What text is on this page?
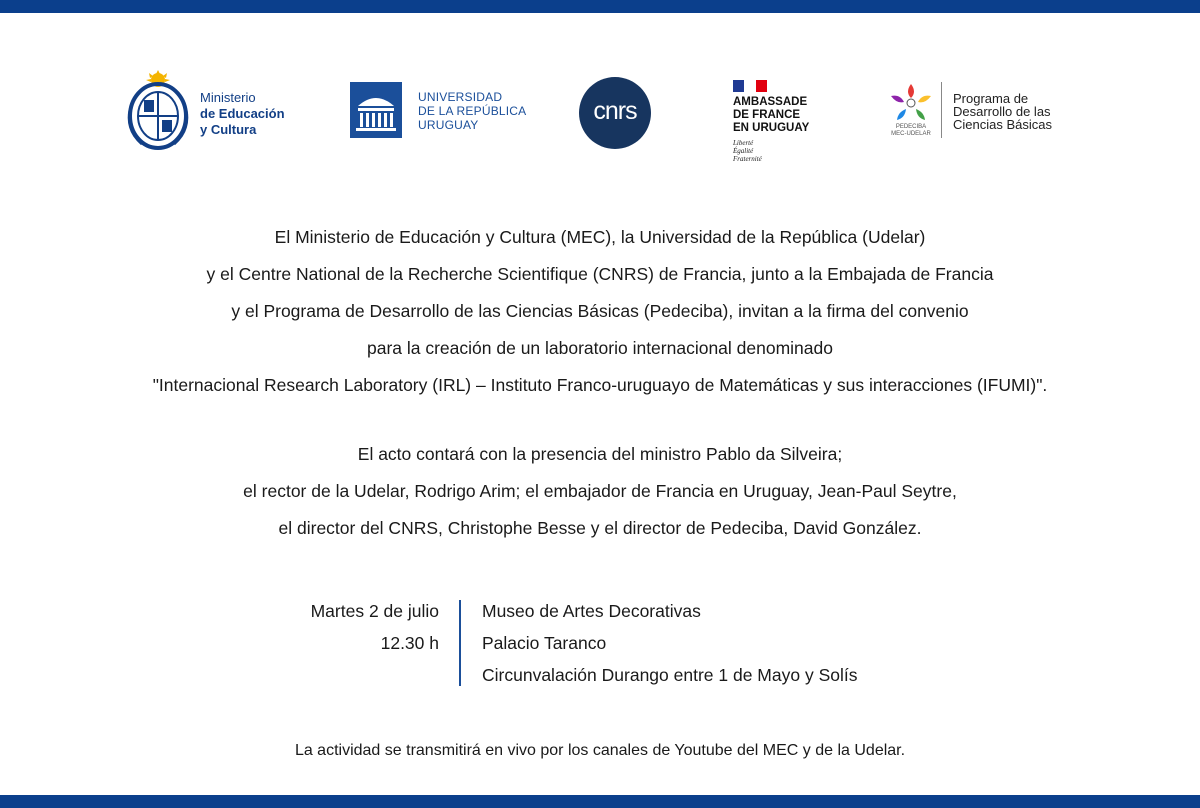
Ministerio
de Educación
y Cultura
UNIVERSIDAD
DE LA REPÚBLICA
URUGUAY	cnrs	AMBASSADE
DE FRANCE
EN URUGUAY
Liberté
Égalité
Fraternité
PEDECIBA
MEC-UDELAR
Programa de
Desarrollo de las
Ciencias Básicas

El Ministerio de Educación y Cultura (MEC), la Universidad de la República (Udelar)

y el Centre National de la Recherche Scientifique (CNRS) de Francia, junto a la Embajada de Francia

y el Programa de Desarrollo de las Ciencias Básicas (Pedeciba), invitan a la firma del convenio

para la creación de un laboratorio internacional denominado

"Internacional Research Laboratory (IRL) – Instituto Franco-uruguayo de Matemáticas y sus interacciones (IFUMI)".

El acto contará con la presencia del ministro Pablo da Silveira;

el rector de la Udelar, Rodrigo Arim; el embajador de Francia en Uruguay, Jean-Paul Seytre,

el director del CNRS, Christophe Besse y el director de Pedeciba, David González.

Martes 2 de julio
12.30 h
Museo de Artes Decorativas
Palacio Taranco
Circunvalación Durango entre 1 de Mayo y Solís
La actividad se transmitirá en vivo por los canales de Youtube del MEC y de la Udelar.
